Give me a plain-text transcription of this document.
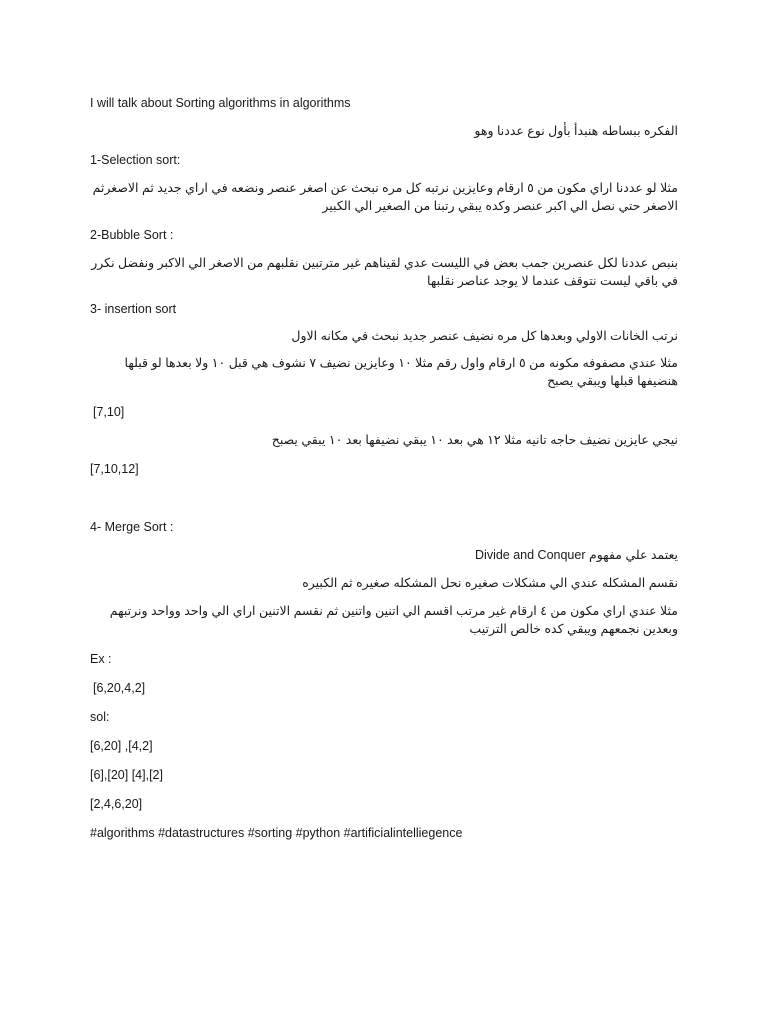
I will talk about Sorting algorithms in algorithms
الفكره ببساطه هنبدأ بأول نوع عددنا وهو
1-Selection sort:
مثلا لو عددنا اراي مكون من ٥ ارقام وعايزين نرتبه كل مره نبحث عن اصغر عنصر ونضعه في اراي جديد ثم الاصغرثم الاصغر حتي نصل الي اكبر عنصر وكده يبقي رتبنا من الصغير الي الكبير
2-Bubble Sort :
بنبص عددنا لكل عنصرين جمب بعض في الليست عدي لقيناهم غير مترتبين نقلبهم من الاصغر الي الاكبر ونفضل نكرر في باقي ليست نتوقف عندما لا يوجد عناصر نقلبها
3- insertion sort
نرتب الخانات الاولي وبعدها كل مره نضيف عنصر جديد نبحث في مكانه الاول
مثلا عندي مصفوفه مكونه من ٥ ارقام واول رقم مثلا ١٠ وعايزين نضيف ٧ نشوف هي قبل ١٠ ولا بعدها لو قبلها هنضيفها قبلها ويبقي يصبح
[7,10]
نيجي عايزين نضيف حاجه تانيه مثلا ١٢ هي بعد ١٠ يبقي نضيفها بعد ١٠ يبقي يصبح
[7,10,12]
4- Merge Sort :
يعتمد علي مفهوم Divide and Conquer
نقسم المشكله عندي الي مشكلات صغيره نحل المشكله صغيره ثم الكبيره
مثلا عندي اراي مكون من ٤ ارقام غير مرتب اقسم الي اتنين واتنين ثم نقسم الاتنين اراي الي واحد وواحد ونرتبهم وبعدين نجمعهم ويبقي كده خالص الترتيب
Ex :
[6,20,4,2]
sol:
[6,20] ,[4,2]
[6],[20] [4],[2]
[2,4,6,20]
#algorithms #datastructures #sorting #python #artificialintelliegence
